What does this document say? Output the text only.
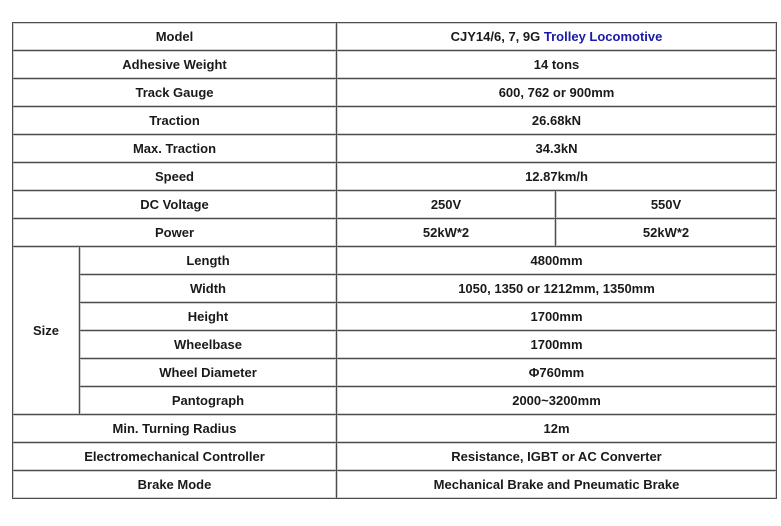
Model		CJY14/6, 7, 9G Trolley Locomotive	
Adhesive Weight		14 tons	
Track Gauge		600, 762 or 900mm	
Traction		26.68kN	
Max. Traction		34.3kN	
Speed		12.87km/h	
DC Voltage		250V	550V
Power		52kW*2	52kW*2
Size	Length	4800mm	
	Width	1050, 1350 or 1212mm, 1350mm	
	Height	1700mm	
	Wheelbase	1700mm	
	Wheel Diameter	Φ760mm	
	Pantograph	2000~3200mm	
Min. Turning Radius		12m	
Electromechanical Controller		Resistance, IGBT or AC Converter	
Brake Mode		Mechanical Brake and Pneumatic Brake	
